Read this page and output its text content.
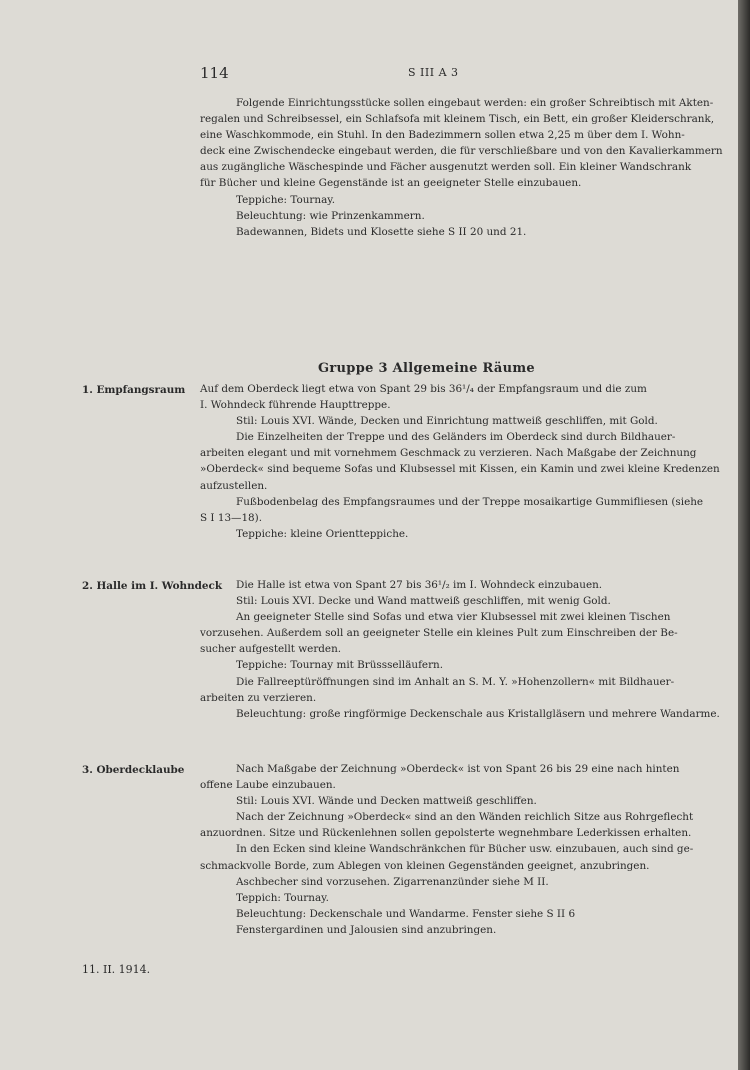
114	S III A 3
Folgende Einrichtungsstücke sollen eingebaut werden: ein großer Schreibtisch mit Akten-
regalen und Schreibsessel, ein Schlafsofa mit kleinem Tisch, ein Bett, ein großer Kleiderschrank,
eine Waschkommode, ein Stuhl. In den Badezimmern sollen etwa 2,25 m über dem I. Wohn-
deck eine Zwischendecke eingebaut werden, die für verschließbare und von den Kavalierkammern
aus zugängliche Wäschespinde und Fächer ausgenutzt werden soll. Ein kleiner Wandschrank
für Bücher und kleine Gegenstände ist an geeigneter Stelle einzubauen.
Teppiche: Tournay.
Beleuchtung: wie Prinzenkammern.
Badewannen, Bidets und Klosette siehe S II 20 und 21.
Gruppe 3 Allgemeine Räume
1. Empfangsraum Auf dem Oberdeck liegt etwa von Spant 29 bis 36¹/₄ der Empfangsraum und die zum
I. Wohndeck führende Haupttreppe.
Stil: Louis XVI. Wände, Decken und Einrichtung mattweiß geschliffen, mit Gold.
Die Einzelheiten der Treppe und des Geländers im Oberdeck sind durch Bildhauer-
arbeiten elegant und mit vornehmem Geschmack zu verzieren. Nach Maßgabe der Zeichnung
»Oberdeck« sind bequeme Sofas und Klubsessel mit Kissen, ein Kamin und zwei kleine Kredenzen
aufzustellen.
Fußbodenbelag des Empfangsraumes und der Treppe mosaikartige Gummifliesen (siehe
S I 13—18).
Teppiche: kleine Orientteppiche.
2. Halle im I. Wohndeck	Die Halle ist etwa von Spant 27 bis 36¹/₂ im I. Wohndeck einzubauen.
Stil: Louis XVI. Decke und Wand mattweiß geschliffen, mit wenig Gold.
An geeigneter Stelle sind Sofas und etwa vier Klubsessel mit zwei kleinen Tischen
vorzusehen. Außerdem soll an geeigneter Stelle ein kleines Pult zum Einschreiben der Be-
sucher aufgestellt werden.
Teppiche: Tournay mit Brüssselläufern.
Die Fallreeptüröffnungen sind im Anhalt an S. M. Y. »Hohenzollern« mit Bildhauer-
arbeiten zu verzieren.
Beleuchtung: große ringförmige Deckenschale aus Kristallgläsern und mehrere Wandarme.
3. Oberdecklaube	Nach Maßgabe der Zeichnung »Oberdeck« ist von Spant 26 bis 29 eine nach hinten
offene Laube einzubauen.
Stil: Louis XVI. Wände und Decken mattweiß geschliffen.
Nach der Zeichnung »Oberdeck« sind an den Wänden reichlich Sitze aus Rohrgeflecht
anzuordnen. Sitze und Rückenlehnen sollen gepolsterte wegnehmbare Lederkissen erhalten.
In den Ecken sind kleine Wandschränkchen für Bücher usw. einzubauen, auch sind ge-
schmackvolle Borde, zum Ablegen von kleinen Gegenständen geeignet, anzubringen.
Aschbecher sind vorzusehen. Zigarrenanzünder siehe M II.
Teppich: Tournay.
Beleuchtung: Deckenschale und Wandarme. Fenster siehe S II 6
Fenstergardinen und Jalousien sind anzubringen.
11. II. 1914.
